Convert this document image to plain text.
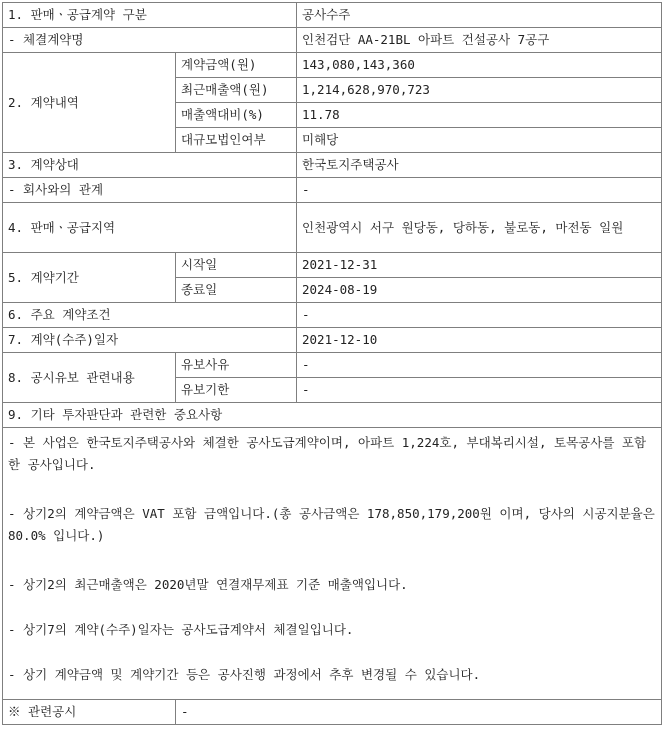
1. 판매ㆍ공급계약 구분		공사수주
- 체결계약명		인천검단 AA-21BL 아파트 건설공사 7공구
2. 계약내역	계약금액(원)	143,080,143,360
	최근매출액(원)	1,214,628,970,723
	매출액대비(%)	11.78
	대규모법인여부	미해당
3. 계약상대		한국토지주택공사
- 회사와의 관계		-
4. 판매ㆍ공급지역		인천광역시 서구 원당동, 당하동, 불로동, 마전동 일원
5. 계약기간	시작일	2021-12-31
	종료일	2024-08-19
6. 주요 계약조건		-
7. 계약(수주)일자		2021-12-10
8. 공시유보 관련내용	유보사유	-
	유보기한	-
9. 기타 투자판단과 관련한 중요사항		

- 본 사업은 한국토지주택공사와 체결한 공사도급계약이며, 아파트 1,224호, 부대복리시설, 토목공사를 포함한 공사입니다.

- 상기2의 계약금액은 VAT 포함 금액입니다.(총 공사금액은 178,850,179,200원 이며, 당사의 시공지분율은 80.0% 입니다.)

- 상기2의 최근매출액은 2020년말 연결재무제표 기준 매출액입니다.

- 상기7의 계약(수주)일자는 공사도급계약서 체결일입니다.

- 상기 계약금액 및 계약기간 등은 공사진행 과정에서 추후 변경될 수 있습니다.		

※ 관련공시	-	
